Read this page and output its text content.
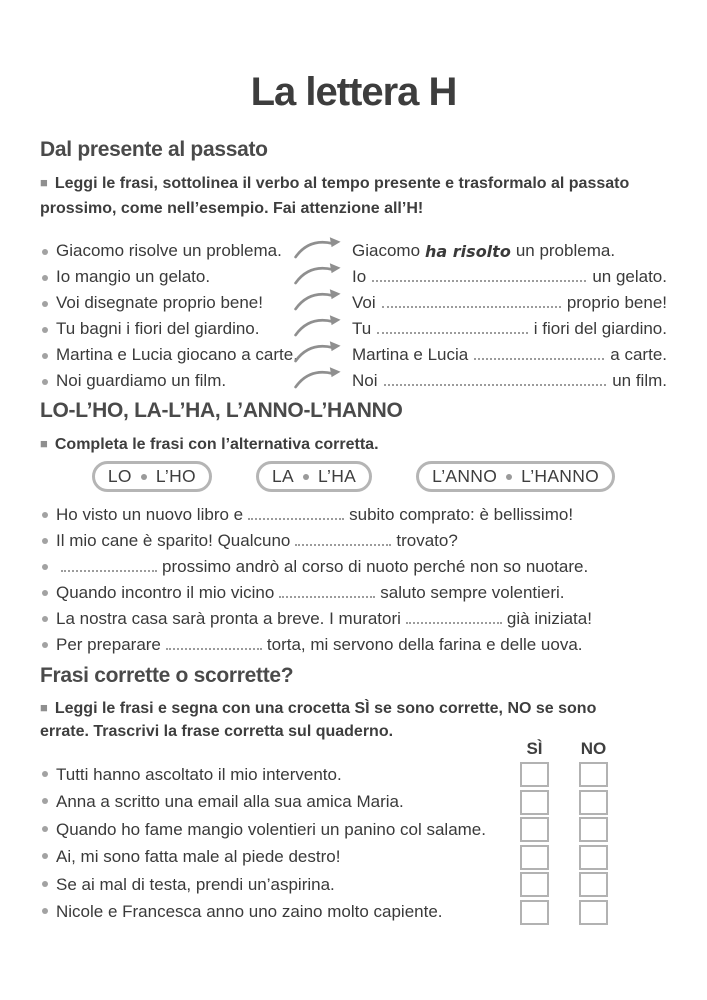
La lettera H
Dal presente al passato

■ Leggi le frasi, sottolinea il verbo al tempo presente e trasformalo al passato prossimo, come nell’esempio. Fai attenzione all’H!

Giacomo risolve un problema.	Giacomo ha risolto un problema.
Io mangio un gelato.	Io	un gelato.
Voi disegnate proprio bene!	Voi	proprio bene!
Tu bagni i fiori del giardino.	Tu	i fiori del giardino.
Martina e Lucia giocano a carte.	Martina e Lucia	a carte.
Noi guardiamo un film.	Noi	un film.
LO-L’HO, LA-L’HA, L’ANNO-L’HANNO

■ Completa le frasi con l’alternativa corretta.

LO L’HO	LA L’HA	L’ANNO L’HANNO
Ho visto un nuovo libro e	subito comprato: è bellissimo!
Il mio cane è sparito! Qualcuno	trovato?
prossimo andrò al corso di nuoto perché non so nuotare.
Quando incontro il mio vicino	saluto sempre volentieri.
La nostra casa sarà pronta a breve. I muratori	già iniziata!
Per preparare	torta, mi servono della farina e delle uova.
Frasi corrette o scorrette?

■ Leggi le frasi e segna con una crocetta SÌ se sono corrette, NO se sono errate. Trascrivi la frase corretta sul quaderno.

SÌ	NO
Tutti hanno ascoltato il mio intervento.
Anna a scritto una email alla sua amica Maria.
Quando ho fame mangio volentieri un panino col salame.
Ai, mi sono fatta male al piede destro!
Se ai mal di testa, prendi un’aspirina.
Nicole e Francesca anno uno zaino molto capiente.
